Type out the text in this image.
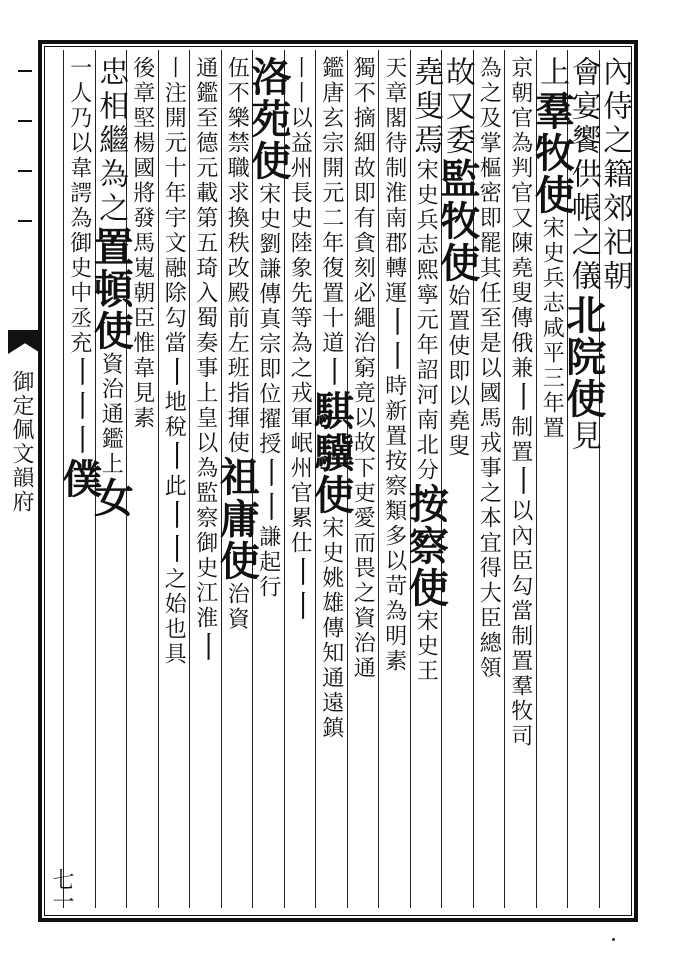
御定佩文韻府
內侍之籍郊祀朝
會宴饗供帳之儀北院使見
上羣牧使宋史兵志咸平三年置
京朝官為判官又陳堯叟傳俄兼丨制置丨以內臣勾當制置羣牧司
為之及掌樞密即罷其任至是以國馬戎事之本宜得大臣總領
故又委監牧使始置使即以堯叟
堯叟焉宋史兵志熙寧元年詔河南北分按察使宋史王
天章閣待制淮南郡轉運丨丨時新置按察類多以苛為明素
獨不摘細故即有貪刻必繩治窮竟以故下吏愛而畏之資治通
鑑唐玄宗開元二年復置十道丨騏驥使宋史姚雄傳知通遠鎮
丨丨以益州長史陸象先等為之戎軍岷州官累仕丨丨
洛苑使宋史劉謙傳真宗即位擢授丨丨謙起行
伍不樂禁職求換秩改殿前左班指揮使祖庸使治資
通鑑至德元載第五琦入蜀奏事上皇以為監察御史江淮丨
丨注開元十年宇文融除勾當丨地稅丨此丨丨之始也具
後章堅楊國將發馬嵬朝臣惟韋見素
忠相繼為之置頓使資治通鑑上女
一人乃以韋諤為御史中丞充丨丨丨僕
七一
